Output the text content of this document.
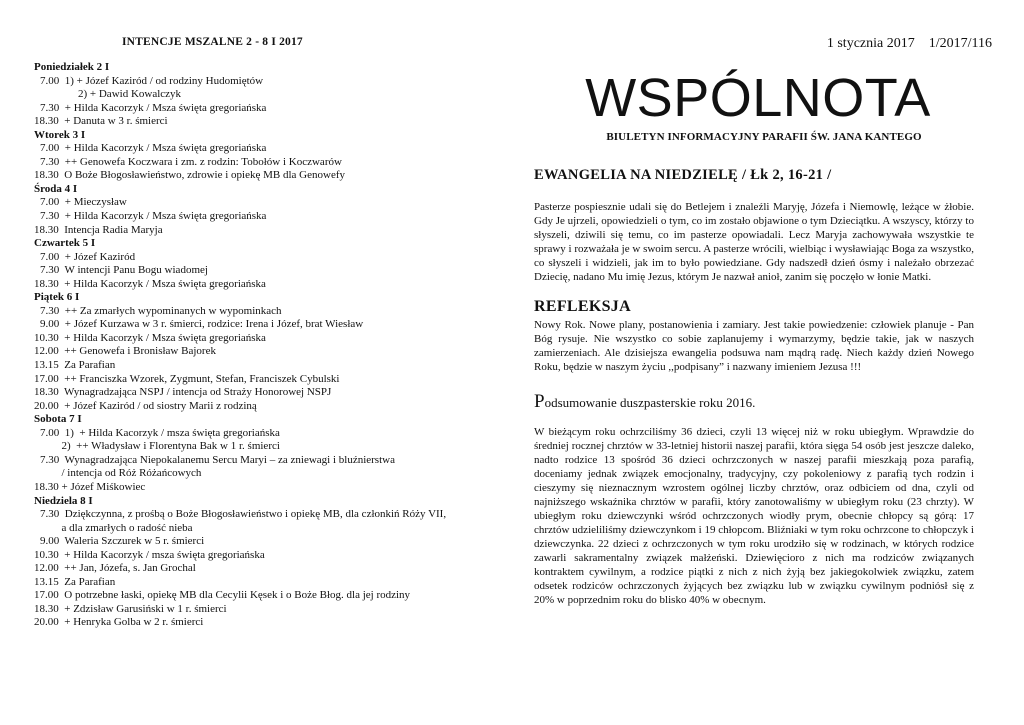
INTENCJE MSZALNE 2 - 8 I 2017
Poniedziałek 2 I
7.00  1) + Józef Kaziród / od rodziny Hudomiętów
2) + Dawid Kowalczyk
7.30  + Hilda Kacorzyk / Msza święta gregoriańska
18.30  + Danuta w 3 r. śmierci
Wtorek 3 I
7.00  + Hilda Kacorzyk / Msza święta gregoriańska
7.30  ++ Genowefa Koczwara i zm. z rodzin: Tobołów i Koczwarów
18.30  O Boże Błogosławieństwo, zdrowie i opiekę MB dla Genowefy
Środa 4 I
7.00  + Mieczysław
7.30  + Hilda Kacorzyk / Msza święta gregoriańska
18.30  Intencja Radia Maryja
Czwartek 5 I
7.00  + Józef Kaziród
7.30  W intencji Panu Bogu wiadomej
18.30  + Hilda Kacorzyk / Msza święta gregoriańska
Piątek 6 I
7.30  ++ Za zmarłych wypominanych w wypominkach
9.00  + Józef Kurzawa w 3 r. śmierci, rodzice: Irena i Józef, brat Wiesław
10.30  + Hilda Kacorzyk / Msza święta gregoriańska
12.00  ++ Genowefa i Bronisław Bajorek
13.15  Za Parafian
17.00  ++ Franciszka Wzorek, Zygmunt, Stefan, Franciszek Cybulski
18.30  Wynagradzająca NSPJ / intencja od Straży Honorowej NSPJ
20.00  + Józef Kaziród / od siostry Marii z rodziną
Sobota 7 I
7.00  1)  + Hilda Kacorzyk / msza święta gregoriańska
2)  ++ Władysław i Florentyna Bak w 1 r. śmierci
7.30  Wynagradzająca Niepokalanemu Sercu Maryi – za zniewagi i bluźnierstwa
/ intencja od Róż Różańcowych
18.30 + Józef Miśkowiec
Niedziela 8 I
7.30  Dziękczynna, z prośbą o Boże Błogosławieństwo i opiekę MB, dla członkiń Róży VII,
a dla zmarłych o radość nieba
9.00  Waleria Szczurek w 5 r. śmierci
10.30  + Hilda Kacorzyk / msza święta gregoriańska
12.00  ++ Jan, Józefa, s. Jan Grochal
13.15  Za Parafian
17.00  O potrzebne łaski, opiekę MB dla Cecylii Kęsek i o Boże Błog. dla jej rodziny
18.30  + Zdzisław Garusiński w 1 r. śmierci
20.00  + Henryka Golba w 2 r. śmierci
1 stycznia 2017 1/2017/116
WSPÓLNOTA
BIULETYN INFORMACYJNY PARAFII ŚW. JANA KANTEGO
EWANGELIA NA NIEDZIELĘ / Łk 2, 16-21 /
Pasterze pospiesznie udali się do Betlejem i znaleźli Maryję, Józefa i Niemowlę, leżące w żłobie. Gdy Je ujrzeli, opowiedzieli o tym, co im zostało objawione o tym Dzieciątku. A wszyscy, którzy to słyszeli, dziwili się temu, co im pasterze opowiadali. Lecz Maryja zachowywała wszystkie te sprawy i rozważała je w swoim sercu. A pasterze wrócili, wielbiąc i wysławiając Boga za wszystko, co słyszeli i widzieli, jak im to było powiedziane. Gdy nadszedł dzień ósmy i należało obrzezać Dziecię, nadano Mu imię Jezus, którym Je nazwał anioł, zanim się poczęło w łonie Matki.
REFLEKSJA
Nowy Rok. Nowe plany, postanowienia i zamiary. Jest takie powiedzenie: człowiek planuje - Pan Bóg rysuje. Nie wszystko co sobie zaplanujemy i wymarzymy, będzie takie, jak w naszych zamierzeniach. Ale dzisiejsza ewangelia podsuwa nam mądrą radę. Niech każdy dzień Nowego Roku, będzie w naszym życiu ,,podpisany” i nazwany imieniem Jezusa !!!
Podsumowanie duszpasterskie roku 2016.
W bieżącym roku ochrzciliśmy 36 dzieci, czyli 13 więcej niż w roku ubiegłym. Wprawdzie do średniej rocznej chrztów w 33-letniej historii naszej parafii, która sięga 54 osób jest jeszcze daleko, nadto rodzice 13 spośród 36 dzieci ochrzczonych w naszej parafii mieszkają poza parafią, doceniamy jednak związek emocjonalny, tradycyjny, czy pokoleniowy z parafią tych rodzin i cieszymy się nieznacznym wzrostem ogólnej liczby chrztów, oraz odbiciem od dna, czyli od najniższego wskaźnika chrztów w parafii, który zanotowaliśmy w ubiegłym roku (23 chrzty). W ubiegłym roku dziewczynki wśród ochrzczonych wiodły prym, obecnie chłopcy są górą: 17 chrztów udzieliliśmy dziewczynkom i 19 chłopcom. Bliźniaki w tym roku ochrzcone to chłopczyk i dziewczynka. 22 dzieci z ochrzczonych w tym roku urodziło się w rodzinach, w których rodzice zawarli sakramentalny związek małżeński. Dziewięcioro z nich ma rodziców związanych kontraktem cywilnym, a rodzice piątki z nich z nich żyją bez jakiegokolwiek związku, zatem odsetek rodziców ochrzczonych żyjących bez związku lub w związku cywilnym podniósł się z 20% w poprzednim roku do blisko 40% w obecnym.
